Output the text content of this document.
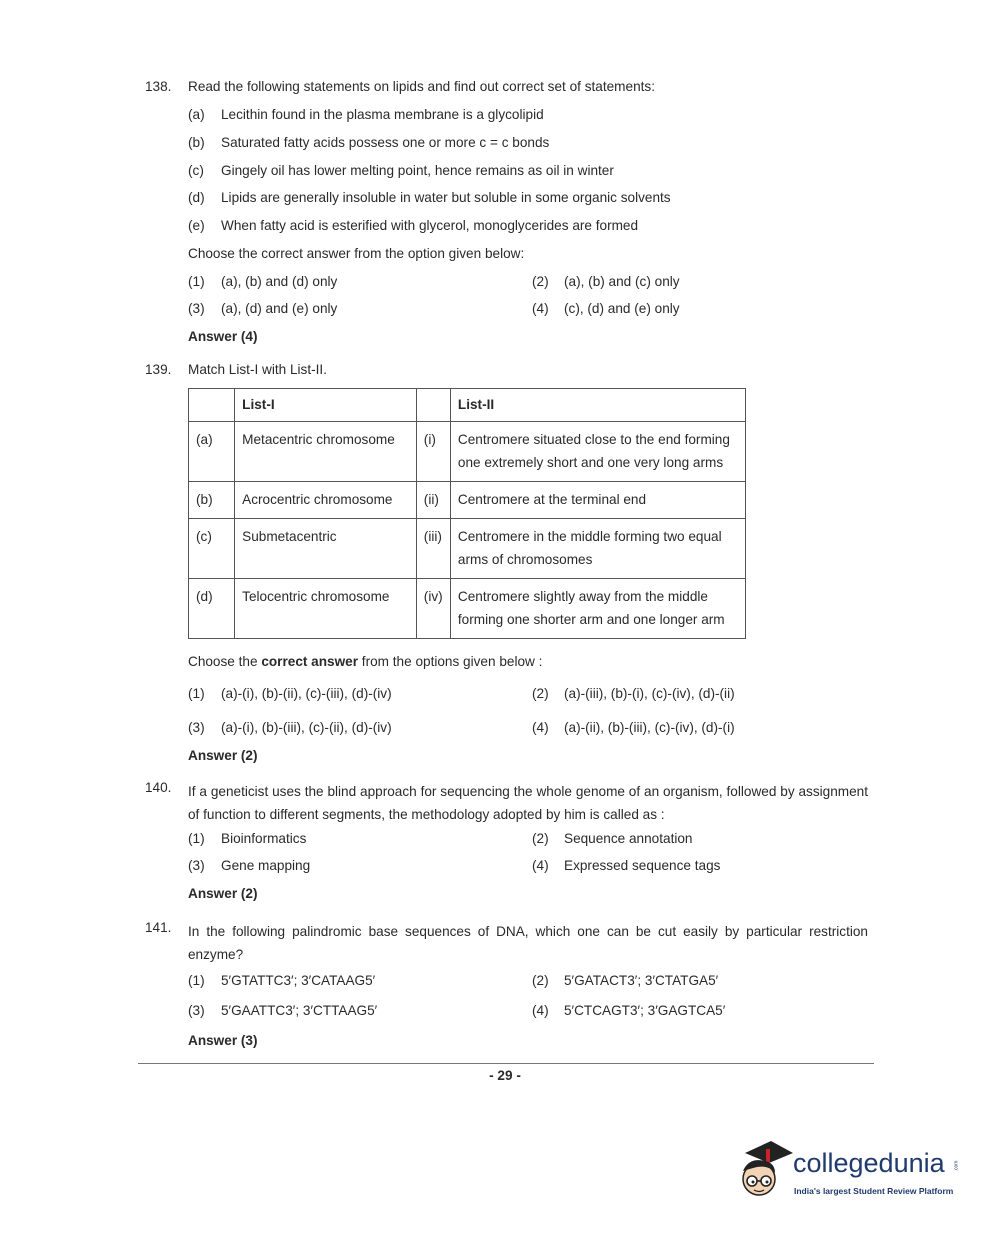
138. Read the following statements on lipids and find out correct set of statements:
(a) Lecithin found in the plasma membrane is a glycolipid
(b) Saturated fatty acids possess one or more c = c bonds
(c) Gingely oil has lower melting point, hence remains as oil in winter
(d) Lipids are generally insoluble in water but soluble in some organic solvents
(e) When fatty acid is esterified with glycerol, monoglycerides are formed
Choose the correct answer from the option given below:
(1) (a), (b) and (d) only	(2) (a), (b) and (c) only
(3) (a), (d) and (e) only	(4) (c), (d) and (e) only
Answer (4)
139. Match List-I with List-II.
	List-I		List-II
(a)	Metacentric chromosome	(i)	Centromere situated close to the end forming one extremely short and one very long arms
(b)	Acrocentric chromosome	(ii)	Centromere at the terminal end
(c)	Submetacentric	(iii)	Centromere in the middle forming two equal arms of chromosomes
(d)	Telocentric chromosome	(iv)	Centromere slightly away from the middle forming one shorter arm and one longer arm
Choose the correct answer from the options given below :
(1) (a)-(i), (b)-(ii), (c)-(iii), (d)-(iv)	(2) (a)-(iii), (b)-(i), (c)-(iv), (d)-(ii)
(3) (a)-(i), (b)-(iii), (c)-(ii), (d)-(iv)	(4) (a)-(ii), (b)-(iii), (c)-(iv), (d)-(i)
Answer (2)
140. If a geneticist uses the blind approach for sequencing the whole genome of an organism, followed by assignment of function to different segments, the methodology adopted by him is called as :
(1) Bioinformatics	(2) Sequence annotation
(3) Gene mapping	(4) Expressed sequence tags
Answer (2)
141. In the following palindromic base sequences of DNA, which one can be cut easily by particular restriction enzyme?
(1) 5′GTATTC3′; 3′CATAAG5′	(2) 5′GATACT3′; 3′CTATGA5′
(3) 5′GAATTC3′; 3′CTTAAG5′	(4) 5′CTCAGT3′; 3′GAGTCA5′
Answer (3)
- 29 -
collegedunia .com
India's largest Student Review Platform
